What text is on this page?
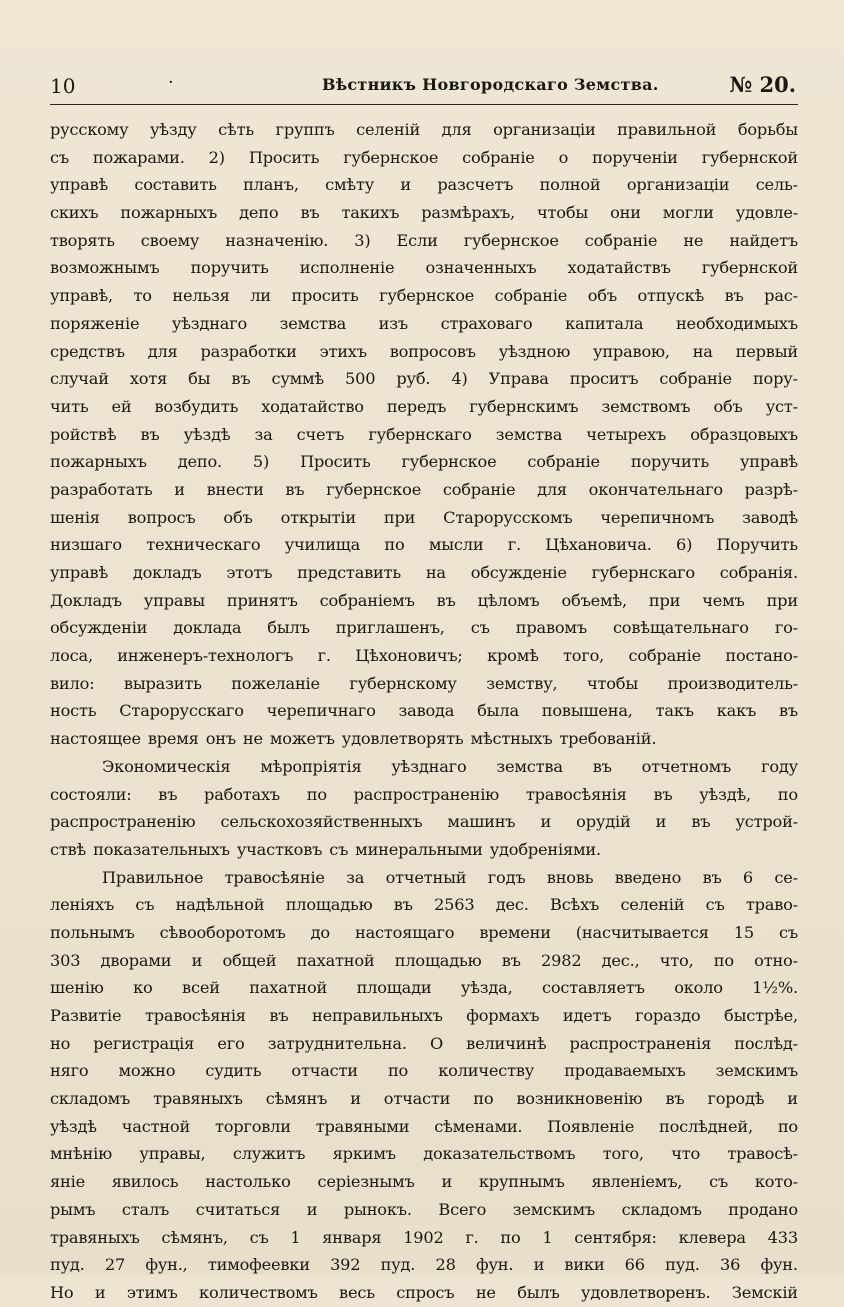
10	·	Вѣстникъ Новгородскаго Земства.	№ 20.
русскому уѣзду сѣть группъ селеній для организаціи правильной борьбы
съ пожарами. 2) Просить губернское собраніе о порученіи губернской
управѣ составить планъ, смѣту и разсчетъ полной организаціи сель-
скихъ пожарныхъ депо въ такихъ размѣрахъ, чтобы они могли удовле-
творять своему назначенію. 3) Если губернское собраніе не найдетъ
возможнымъ поручить исполненіе означенныхъ ходатайствъ губернской
управѣ, то нельзя ли просить губернское собраніе объ отпускѣ въ рас-
поряженіе уѣзднаго земства изъ страховаго капитала необходимыхъ
средствъ для разработки этихъ вопросовъ уѣздною управою, на первый
случай хотя бы въ суммѣ 500 руб. 4) Управа проситъ собраніе пору-
чить ей возбудить ходатайство передъ губернскимъ земствомъ объ уст-
ройствѣ въ уѣздѣ за счетъ губернскаго земства четырехъ образцовыхъ
пожарныхъ депо. 5) Просить губернское собраніе поручить управѣ
разработать и внести въ губернское собраніе для окончательнаго разрѣ-
шенія вопросъ объ открытіи при Старорусскомъ черепичномъ заводѣ
низшаго техническаго училища по мысли г. Цѣхановича. 6) Поручить
управѣ докладъ этотъ представить на обсужденіе губернскаго собранія.
Докладъ управы принятъ собраніемъ въ цѣломъ объемѣ, при чемъ при
обсужденіи доклада былъ приглашенъ, съ правомъ совѣщательнаго го-
лоса, инженеръ-технологъ г. Цѣхоновичъ; кромѣ того, собраніе постано-
вило: выразить пожеланіе губернскому земству, чтобы производитель-
ность Старорусскаго черепичнаго завода была повышена, такъ какъ въ
настоящее время онъ не можетъ удовлетворять мѣстныхъ требованій.
Экономическія мѣропріятія уѣзднаго земства въ отчетномъ году
состояли: въ работахъ по распространенію травосѣянія въ уѣздѣ, по
распространенію сельскохозяйственныхъ машинъ и орудій и въ устрой-
ствѣ показательныхъ участковъ съ минеральными удобреніями.
Правильное травосѣяніе за отчетный годъ вновь введено въ 6 се-
леніяхъ съ надѣльной площадью въ 2563 дес. Всѣхъ селеній съ траво-
польнымъ сѣвооборотомъ до настоящаго времени (насчитывается 15 съ
303 дворами и общей пахатной площадью въ 2982 дес., что, по отно-
шенію ко всей пахатной площади уѣзда, составляетъ около 1½%.
Развитіе травосѣянія въ неправильныхъ формахъ идетъ гораздо быстрѣе,
но регистрація его затруднительна. О величинѣ распространенія послѣд-
няго можно судить отчасти по количеству продаваемыхъ земскимъ
складомъ травяныхъ сѣмянъ и отчасти по возникновенію въ городѣ и
уѣздѣ частной торговли травяными сѣменами. Появленіе послѣдней, по
мнѣнію управы, служитъ яркимъ доказательствомъ того, что травосѣ-
яніе явилось настолько серіезнымъ и крупнымъ явленіемъ, съ кото-
рымъ сталъ считаться и рынокъ. Всего земскимъ складомъ продано
травяныхъ сѣмянъ, съ 1 января 1902 г. по 1 сентября: клевера 433
пуд. 27 фун., тимофеевки 392 пуд. 28 фун. и вики 66 пуд. 36 фун.
Но и этимъ количествомъ весь спросъ не былъ удовлетворенъ. Земскій
